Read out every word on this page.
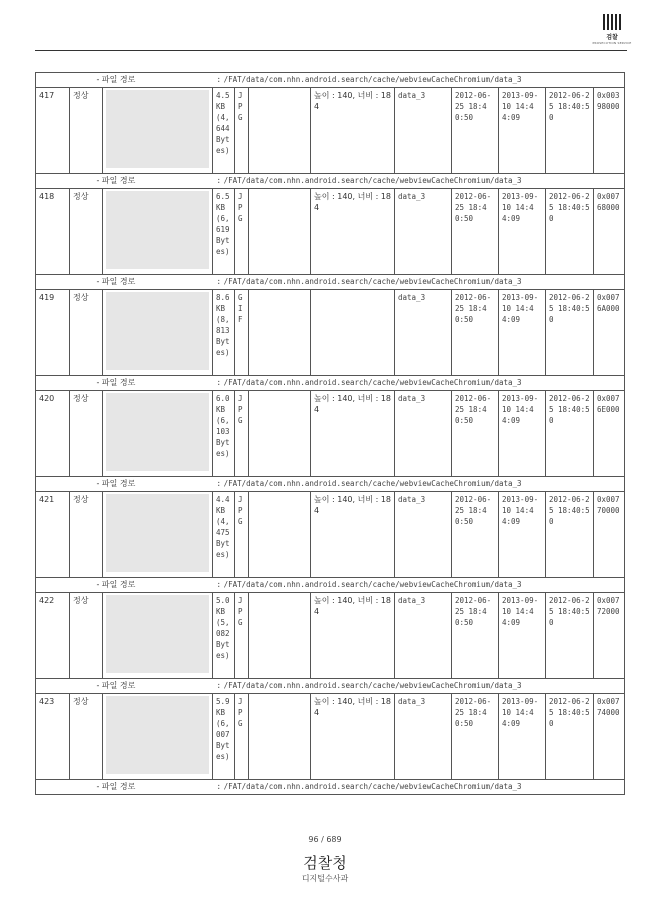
검찰
PROSECUTION SERVICE
	- 파일 경로 : /FAT/data/com.nhn.android.search/cache/webviewCacheChromium/data_3										
417	정상		4.5 KB (4,644 Bytes)	JPG		높이 : 140, 너비 : 184	data_3	2012-06-25 18:40:50	2013-09-10 14:44:09	2012-06-25 18:40:50	0x00398000
	- 파일 경로 : /FAT/data/com.nhn.android.search/cache/webviewCacheChromium/data_3										
418	정상		6.5 KB (6,619 Bytes)	JPG		높이 : 140, 너비 : 184	data_3	2012-06-25 18:40:50	2013-09-10 14:44:09	2012-06-25 18:40:50	0x00768000
	- 파일 경로 : /FAT/data/com.nhn.android.search/cache/webviewCacheChromium/data_3										
419	정상		8.6 KB (8,813 Bytes)	GIF			data_3	2012-06-25 18:40:50	2013-09-10 14:44:09	2012-06-25 18:40:50	0x0076A000
	- 파일 경로 : /FAT/data/com.nhn.android.search/cache/webviewCacheChromium/data_3										
420	정상		6.0 KB (6,103 Bytes)	JPG		높이 : 140, 너비 : 184	data_3	2012-06-25 18:40:50	2013-09-10 14:44:09	2012-06-25 18:40:50	0x0076E000
	- 파일 경로 : /FAT/data/com.nhn.android.search/cache/webviewCacheChromium/data_3										
421	정상		4.4 KB (4,475 Bytes)	JPG		높이 : 140, 너비 : 184	data_3	2012-06-25 18:40:50	2013-09-10 14:44:09	2012-06-25 18:40:50	0x00770000
	- 파일 경로 : /FAT/data/com.nhn.android.search/cache/webviewCacheChromium/data_3										
422	정상		5.0 KB (5,082 Bytes)	JPG		높이 : 140, 너비 : 184	data_3	2012-06-25 18:40:50	2013-09-10 14:44:09	2012-06-25 18:40:50	0x00772000
	- 파일 경로 : /FAT/data/com.nhn.android.search/cache/webviewCacheChromium/data_3										
423	정상		5.9 KB (6,007 Bytes)	JPG		높이 : 140, 너비 : 184	data_3	2012-06-25 18:40:50	2013-09-10 14:44:09	2012-06-25 18:40:50	0x00774000
	- 파일 경로 : /FAT/data/com.nhn.android.search/cache/webviewCacheChromium/data_3										
96 / 689
검찰청
디지털수사과
